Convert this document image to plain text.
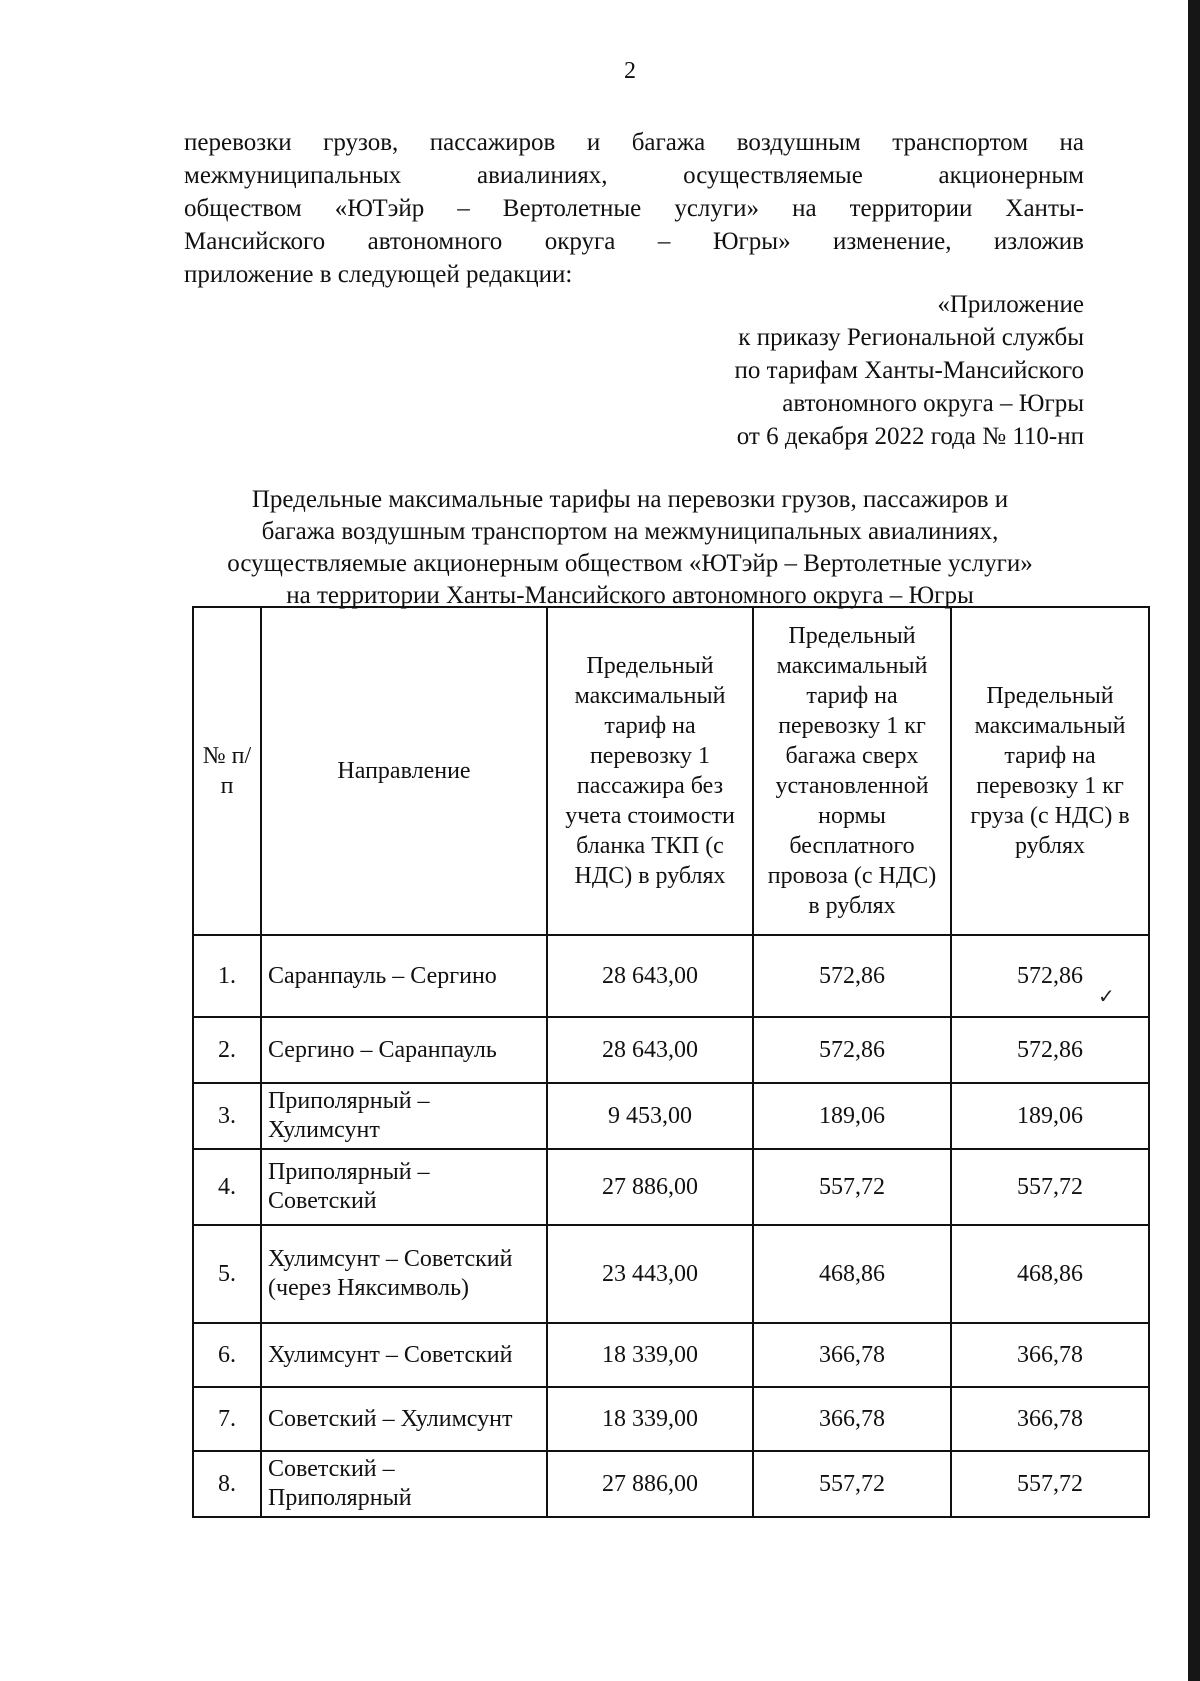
2
перевозки грузов, пассажиров и багажа воздушным транспортом на
межмуниципальных авиалиниях, осуществляемые акционерным
обществом «ЮТэйр – Вертолетные услуги» на территории Ханты-
Мансийского автономного округа – Югры» изменение, изложив
приложение в следующей редакции:
«Приложение
к приказу Региональной службы
по тарифам Ханты-Мансийского
автономного округа – Югры
от 6 декабря 2022 года № 110-нп
Предельные максимальные тарифы на перевозки грузов, пассажиров и
багажа воздушным транспортом на межмуниципальных авиалиниях,
осуществляемые акционерным обществом «ЮТэйр – Вертолетные услуги»
на территории Ханты-Мансийского автономного округа – Югры
№ п/п	Направление	Предельный максимальный тариф на перевозку 1 пассажира без учета стоимости бланка ТКП (с НДС) в рублях	Предельный максимальный тариф на перевозку 1 кг багажа сверх установленной нормы бесплатного провоза (с НДС) в рублях	Предельный максимальный тариф на перевозку 1 кг груза (с НДС) в рублях
1.	Саранпауль – Сергино	28 643,00	572,86	572,86
2.	Сергино – Саранпауль	28 643,00	572,86	572,86
3.	Приполярный – Хулимсунт	9 453,00	189,06	189,06
4.	Приполярный – Советский	27 886,00	557,72	557,72
5.	Хулимсунт – Советский (через Няксимволь)	23 443,00	468,86	468,86
6.	Хулимсунт – Советский	18 339,00	366,78	366,78
7.	Советский – Хулимсунт	18 339,00	366,78	366,78
8.	Советский – Приполярный	27 886,00	557,72	557,72
✓
